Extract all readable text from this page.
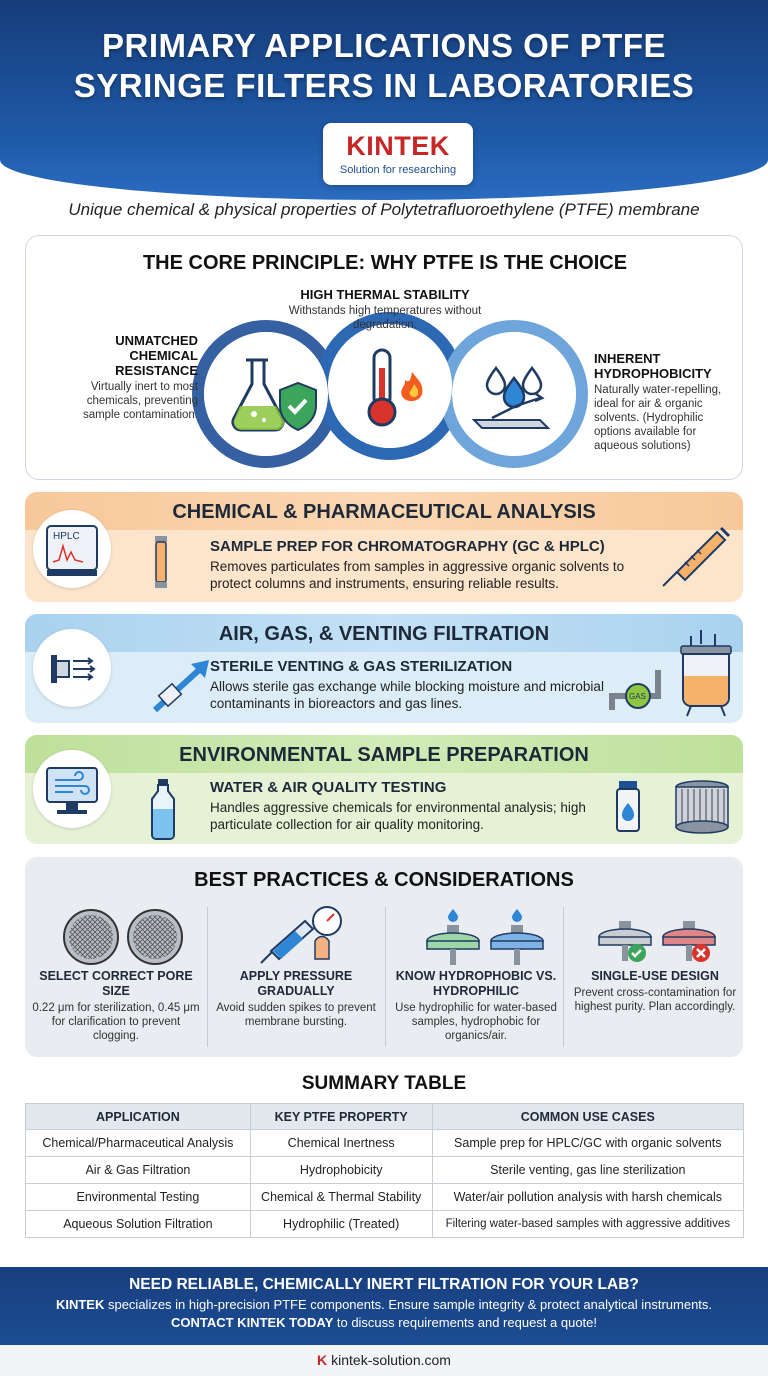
PRIMARY APPLICATIONS OF PTFE
SYRINGE FILTERS IN LABORATORIES
KINTEK
Solution for researching
Unique chemical & physical properties of Polytetrafluoroethylene (PTFE) membrane
THE CORE PRINCIPLE: WHY PTFE IS THE CHOICE
UNMATCHED CHEMICAL RESISTANCE
Virtually inert to most chemicals, preventing sample contamination.
HIGH THERMAL STABILITY
Withstands high temperatures without degradation.
INHERENT HYDROPHOBICITY
Naturally water-repelling, ideal for air & organic solvents. (Hydrophilic options available for aqueous solutions)
CHEMICAL & PHARMACEUTICAL ANALYSIS
HPLC
SAMPLE PREP FOR CHROMATOGRAPHY (GC & HPLC)
Removes particulates from samples in aggressive organic solvents to protect columns and instruments, ensuring reliable results.
AIR, GAS, & VENTING FILTRATION
STERILE VENTING & GAS STERILIZATION
Allows sterile gas exchange while blocking moisture and microbial contaminants in bioreactors and gas lines.	GAS
ENVIRONMENTAL SAMPLE PREPARATION
WATER & AIR QUALITY TESTING
Handles aggressive chemicals for environmental analysis; high particulate collection for air quality monitoring.
BEST PRACTICES & CONSIDERATIONS
SELECT CORRECT PORE SIZE
0.22 μm for sterilization, 0.45 μm for clarification to prevent clogging.
APPLY PRESSURE GRADUALLY
Avoid sudden spikes to prevent membrane bursting.
KNOW HYDROPHOBIC VS. HYDROPHILIC
Use hydrophilic for water-based samples, hydrophobic for organics/air.
SINGLE-USE DESIGN
Prevent cross-contamination for highest purity. Plan accordingly.
SUMMARY TABLE
APPLICATION	KEY PTFE PROPERTY	COMMON USE CASES
Chemical/Pharmaceutical Analysis	Chemical Inertness	Sample prep for HPLC/GC with organic solvents
Air & Gas Filtration	Hydrophobicity	Sterile venting, gas line sterilization
Environmental Testing	Chemical & Thermal Stability	Water/air pollution analysis with harsh chemicals
Aqueous Solution Filtration	Hydrophilic (Treated)	Filtering water-based samples with aggressive additives
NEED RELIABLE, CHEMICALLY INERT FILTRATION FOR YOUR LAB?
KINTEK specializes in high-precision PTFE components. Ensure sample integrity & protect analytical instruments.
CONTACT KINTEK TODAY to discuss requirements and request a quote!
K kintek-solution.com
